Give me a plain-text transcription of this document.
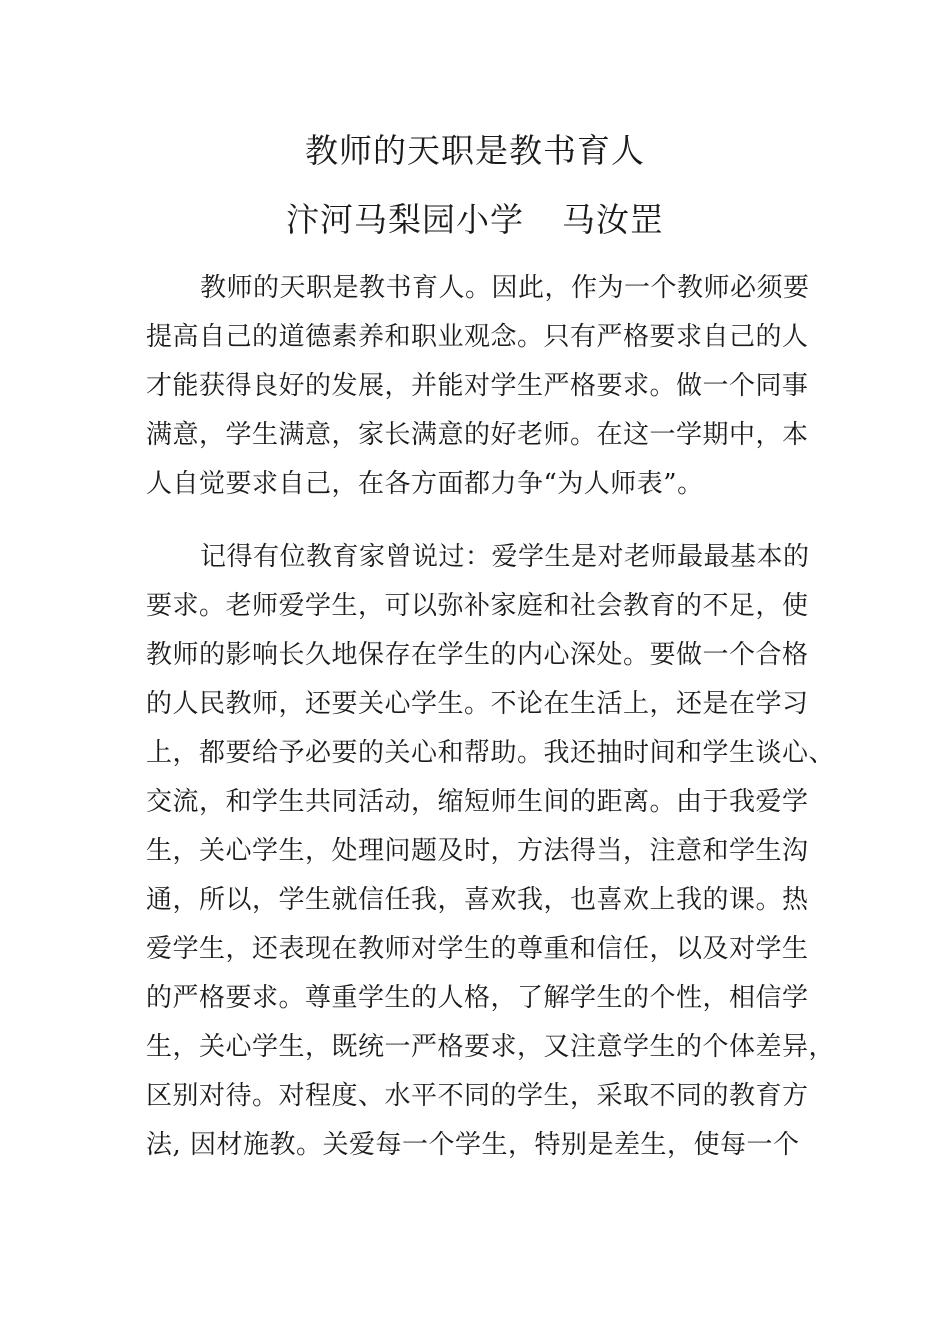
教师的天职是教书育人
汴河马梨园小学 马汝罡
教师的天职是教书育人。因此，作为一个教师必须要
提高自己的道德素养和职业观念。只有严格要求自己的人
才能获得良好的发展，并能对学生严格要求。做一个同事
满意，学生满意，家长满意的好老师。在这一学期中，本
人自觉要求自己，在各方面都力争“为人师表”。
记得有位教育家曾说过：爱学生是对老师最最基本的
要求。老师爱学生，可以弥补家庭和社会教育的不足，使
教师的影响长久地保存在学生的内心深处。要做一个合格
的人民教师，还要关心学生。不论在生活上，还是在学习
上，都要给予必要的关心和帮助。我还抽时间和学生谈心、
交流，和学生共同活动，缩短师生间的距离。由于我爱学
生，关心学生，处理问题及时，方法得当，注意和学生沟
通，所以，学生就信任我，喜欢我，也喜欢上我的课。热
爱学生，还表现在教师对学生的尊重和信任，以及对学生
的严格要求。尊重学生的人格，了解学生的个性，相信学
生，关心学生，既统一严格要求，又注意学生的个体差异，
区别对待。对程度、水平不同的学生，采取不同的教育方
法, 因材施教。关爱每一个学生，特别是差生，使每一个
